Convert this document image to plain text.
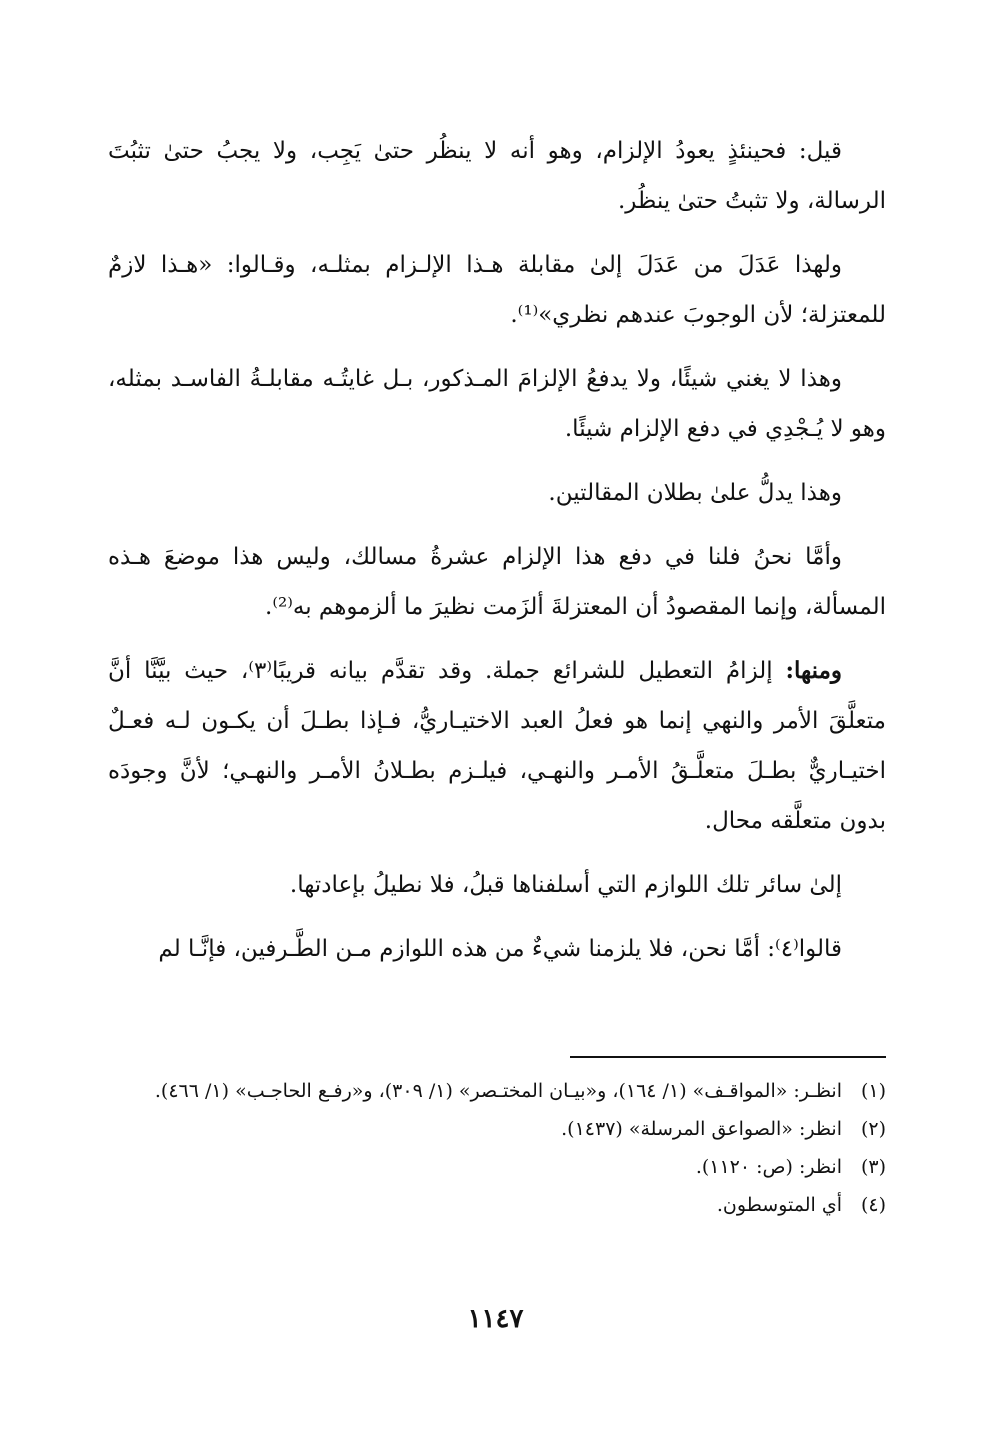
قيل: فحينئذٍ يعودُ الإلزام، وهو أنه لا ينظُر حتىٰ يَجِب، ولا يجبُ حتىٰ تثبُتَ الرسالة، ولا تثبتُ حتىٰ ينظُر.

ولهذا عَدَلَ من عَدَلَ إلىٰ مقابلة هـذا الإلـزام بمثلـه، وقـالوا: «هـذا لازمٌ للمعتزلة؛ لأن الوجوبَ عندهم نظري»⁽¹⁾.

وهذا لا يغني شيئًا، ولا يدفعُ الإلزامَ المـذكور، بـل غايتُـه مقابلـةُ الفاسـد بمثله، وهو لا يُـجْدِي في دفع الإلزام شيئًا.

وهذا يدلُّ علىٰ بطلان المقالتين.

وأمَّا نحنُ فلنا في دفع هذا الإلزام عشرةُ مسالك، وليس هذا موضعَ هـذه المسألة، وإنما المقصودُ أن المعتزلةَ ألزَمت نظيرَ ما ألزموهم به⁽²⁾.

ومنها: إلزامُ التعطيل للشرائع جملة. وقد تقدَّم بيانه قريبًا⁽٣⁾، حيث بيَّنَّا أنَّ متعلَّقَ الأمر والنهي إنما هو فعلُ العبد الاختيـاريُّ، فـإذا بطـلَ أن يكـون لـه فعـلٌ اختيـاريٌّ بطـلَ متعلَّـقُ الأمـر والنهـي، فيلـزم بطـلانُ الأمـر والنهـي؛ لأنَّ وجودَه بدون متعلَّقه محال.

إلىٰ سائر تلك اللوازم التي أسلفناها قبلُ، فلا نطيلُ بإعادتها.

قالوا⁽٤⁾: أمَّا نحن، فلا يلزمنا شيءٌ من هذه اللوازم مـن الطَّـرفين، فإنَّـا لم

(١)
انظـر: «المواقـف» (١/ ١٦٤)، و«بيـان المختـصر» (١/ ٣٠٩)، و«رفـع الحاجـب» (١/ ٤٦٦).

(٢)
انظر: «الصواعق المرسلة» (١٤٣٧).

(٣)
انظر: (ص: ١١٢٠).

(٤)
أي المتوسطون.

١١٤٧
